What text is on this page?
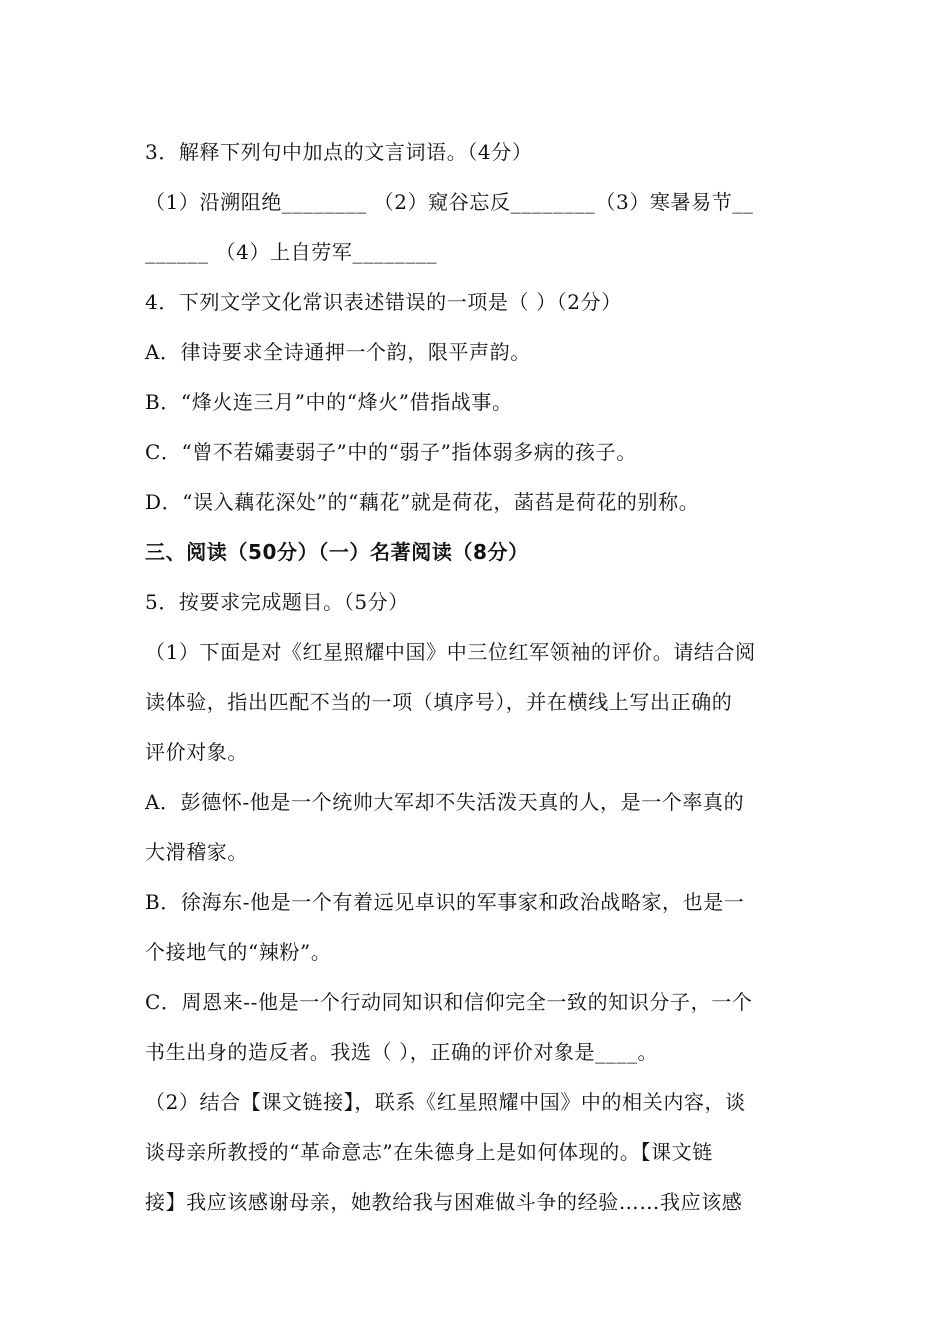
3．解释下列句中加点的文言词语。（4分）
（1）沿溯阻绝________ （2）窥谷忘反________（3）寒暑易节__
______ （4）上自劳军________
4．下列文学文化常识表述错误的一项是（ ）（2分）
A．律诗要求全诗通押一个韵，限平声韵。
B．“烽火连三月”中的“烽火”借指战事。
C．“曾不若孀妻弱子”中的“弱子”指体弱多病的孩子。
D．“误入藕花深处”的“藕花”就是荷花，菡萏是荷花的别称。
三、阅读（50分）（一）名著阅读（8分）
5．按要求完成题目。（5分）
（1）下面是对《红星照耀中国》中三位红军领袖的评价。请结合阅
读体验，指出匹配不当的一项（填序号），并在横线上写出正确的
评价对象。
A．彭德怀-他是一个统帅大军却不失活泼天真的人，是一个率真的
大滑稽家。
B．徐海东-他是一个有着远见卓识的军事家和政治战略家，也是一
个接地气的“辣粉”。
C．周恩来--他是一个行动同知识和信仰完全一致的知识分子，一个
书生出身的造反者。我选（ ），正确的评价对象是____。
（2）结合【课文链接】，联系《红星照耀中国》中的相关内容，谈
谈母亲所教授的“革命意志”在朱德身上是如何体现的。【课文链
接】我应该感谢母亲，她教给我与困难做斗争的经验……我应该感
